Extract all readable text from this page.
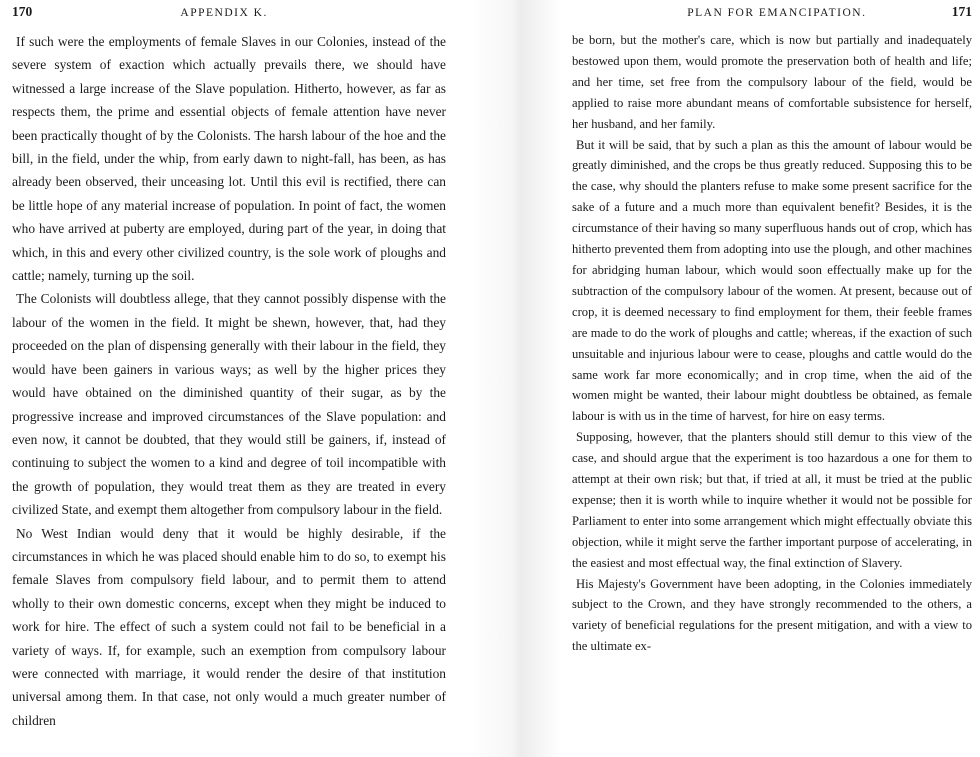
170	APPENDIX K.

If such were the employments of female Slaves in our Colonies, instead of the severe system of exaction which actually prevails there, we should have witnessed a large increase of the Slave population. Hitherto, however, as far as respects them, the prime and essential objects of female attention have never been practically thought of by the Colonists. The harsh labour of the hoe and the bill, in the field, under the whip, from early dawn to night-fall, has been, as has already been observed, their unceasing lot. Until this evil is rectified, there can be little hope of any material increase of population. In point of fact, the women who have arrived at puberty are employed, during part of the year, in doing that which, in this and every other civilized country, is the sole work of ploughs and cattle; namely, turning up the soil.

The Colonists will doubtless allege, that they cannot possibly dispense with the labour of the women in the field. It might be shewn, however, that, had they proceeded on the plan of dispensing generally with their labour in the field, they would have been gainers in various ways; as well by the higher prices they would have obtained on the diminished quantity of their sugar, as by the progressive increase and improved circumstances of the Slave population: and even now, it cannot be doubted, that they would still be gainers, if, instead of continuing to subject the women to a kind and degree of toil incompatible with the growth of population, they would treat them as they are treated in every civilized State, and exempt them altogether from compulsory labour in the field.

No West Indian would deny that it would be highly desirable, if the circumstances in which he was placed should enable him to do so, to exempt his female Slaves from compulsory field labour, and to permit them to attend wholly to their own domestic concerns, except when they might be induced to work for hire. The effect of such a system could not fail to be beneficial in a variety of ways. If, for example, such an exemption from compulsory labour were connected with marriage, it would render the desire of that institution universal among them. In that case, not only would a much greater number of children

PLAN FOR EMANCIPATION.	171

be born, but the mother's care, which is now but partially and inadequately bestowed upon them, would promote the preservation both of health and life; and her time, set free from the compulsory labour of the field, would be applied to raise more abundant means of comfortable subsistence for herself, her husband, and her family.

But it will be said, that by such a plan as this the amount of labour would be greatly diminished, and the crops be thus greatly reduced. Supposing this to be the case, why should the planters refuse to make some present sacrifice for the sake of a future and a much more than equivalent benefit? Besides, it is the circumstance of their having so many superfluous hands out of crop, which has hitherto prevented them from adopting into use the plough, and other machines for abridging human labour, which would soon effectually make up for the subtraction of the compulsory labour of the women. At present, because out of crop, it is deemed necessary to find employment for them, their feeble frames are made to do the work of ploughs and cattle; whereas, if the exaction of such unsuitable and injurious labour were to cease, ploughs and cattle would do the same work far more economically; and in crop time, when the aid of the women might be wanted, their labour might doubtless be obtained, as female labour is with us in the time of harvest, for hire on easy terms.

Supposing, however, that the planters should still demur to this view of the case, and should argue that the experiment is too hazardous a one for them to attempt at their own risk; but that, if tried at all, it must be tried at the public expense; then it is worth while to inquire whether it would not be possible for Parliament to enter into some arrangement which might effectually obviate this objection, while it might serve the farther important purpose of accelerating, in the easiest and most effectual way, the final extinction of Slavery.

His Majesty's Government have been adopting, in the Colonies immediately subject to the Crown, and they have strongly recommended to the others, a variety of beneficial regulations for the present mitigation, and with a view to the ultimate ex-
